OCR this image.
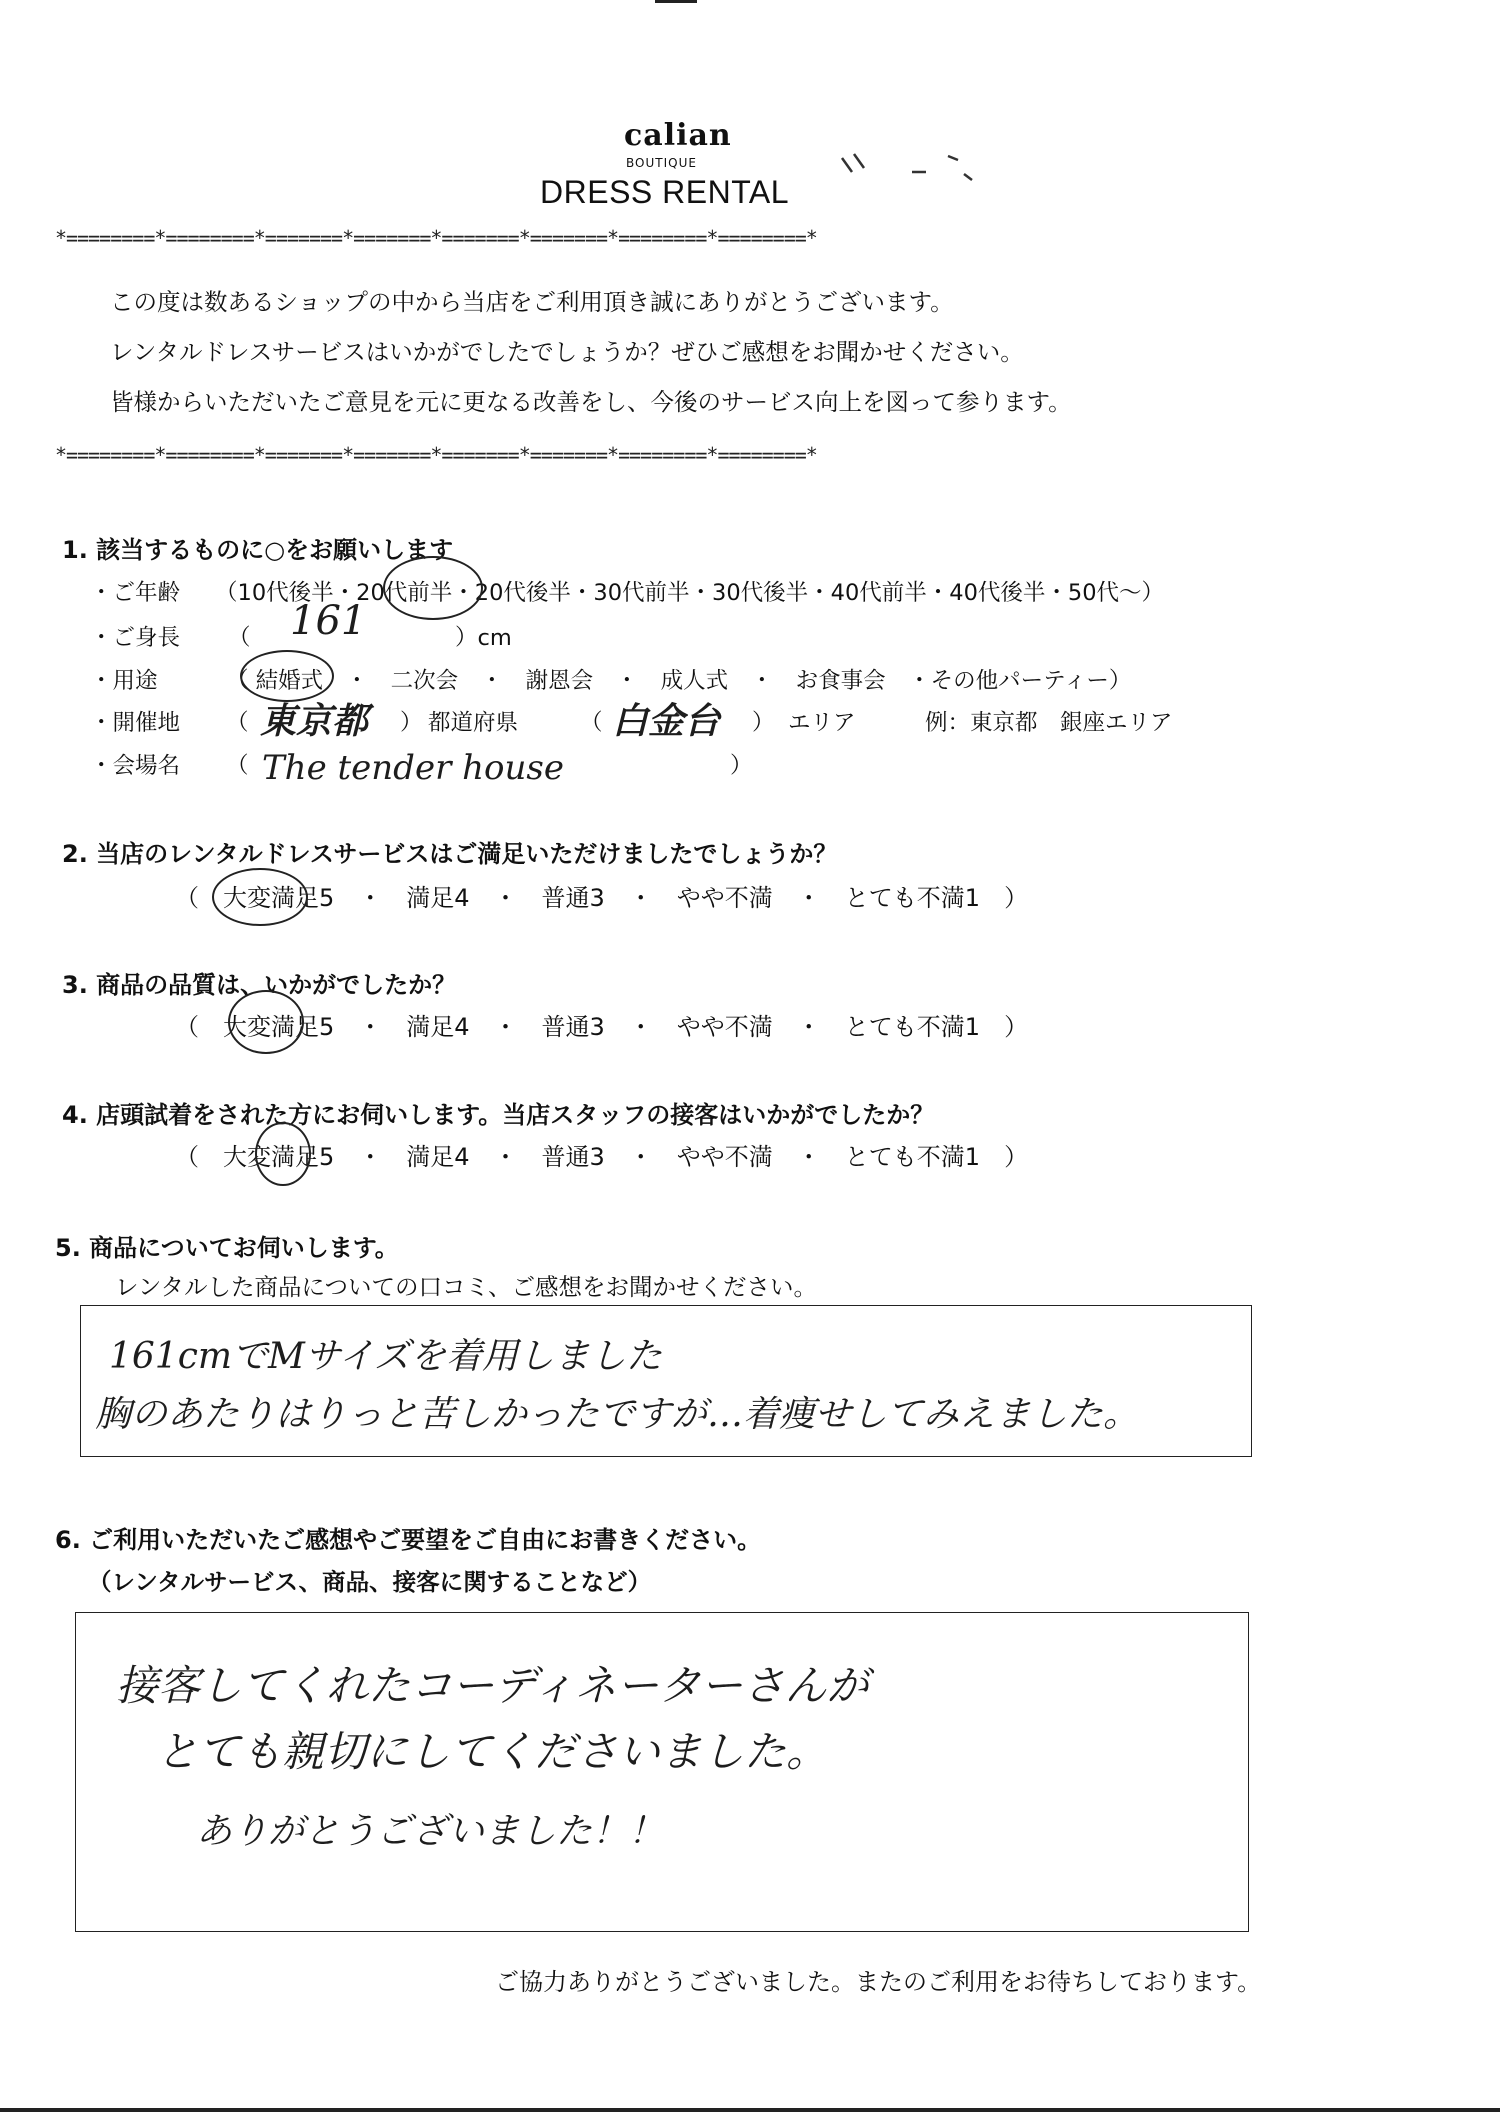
calian
BOUTIQUE
DRESS RENTAL
*========*========*=======*=======*=======*=======*========*========*
この度は数あるショップの中から当店をご利用頂き誠にありがとうございます。
レンタルドレスサービスはいかがでしたでしょうか？ぜひご感想をお聞かせください。
皆様からいただいたご意見を元に更なる改善をし、今後のサービス向上を図って参ります。
*========*========*=======*=======*=======*=======*========*========*
1. 該当するものに○をお願いします
・ご年齢 （10代後半・20代前半・20代後半・30代前半・30代後半・40代前半・40代後半・50代〜）
・ご身長 （ 161	）cm
・用途	（ 結婚式　・　二次会　・　謝恩会　・　成人式　・　お食事会　・その他パーティー）
・開催地 （ 東京都 ） 都道府県	（ 白金台 ） エリア	例：東京都　銀座エリア
・会場名 （ The tender house	）
2. 当店のレンタルドレスサービスはご満足いただけましたでしょうか？
（　大変満足5　・　満足4　・　普通3　・　やや不満　・　とても不満1　）
3. 商品の品質は、いかがでしたか？
（　大変満足5　・　満足4　・　普通3　・　やや不満　・　とても不満1　）
4. 店頭試着をされた方にお伺いします。当店スタッフの接客はいかがでしたか？
（　大変満足5　・　満足4　・　普通3　・　やや不満　・　とても不満1　）
5. 商品についてお伺いします。
レンタルした商品についての口コミ、ご感想をお聞かせください。
161cmでMサイズを着用しました
胸のあたりはりっと苦しかったですが…着痩せしてみえました。
6. ご利用いただいたご感想やご要望をご自由にお書きください。
（レンタルサービス、商品、接客に関することなど）
接客してくれたコーディネーターさんが
とても親切にしてくださいました。
ありがとうございました！！
ご協力ありがとうございました。またのご利用をお待ちしております。
